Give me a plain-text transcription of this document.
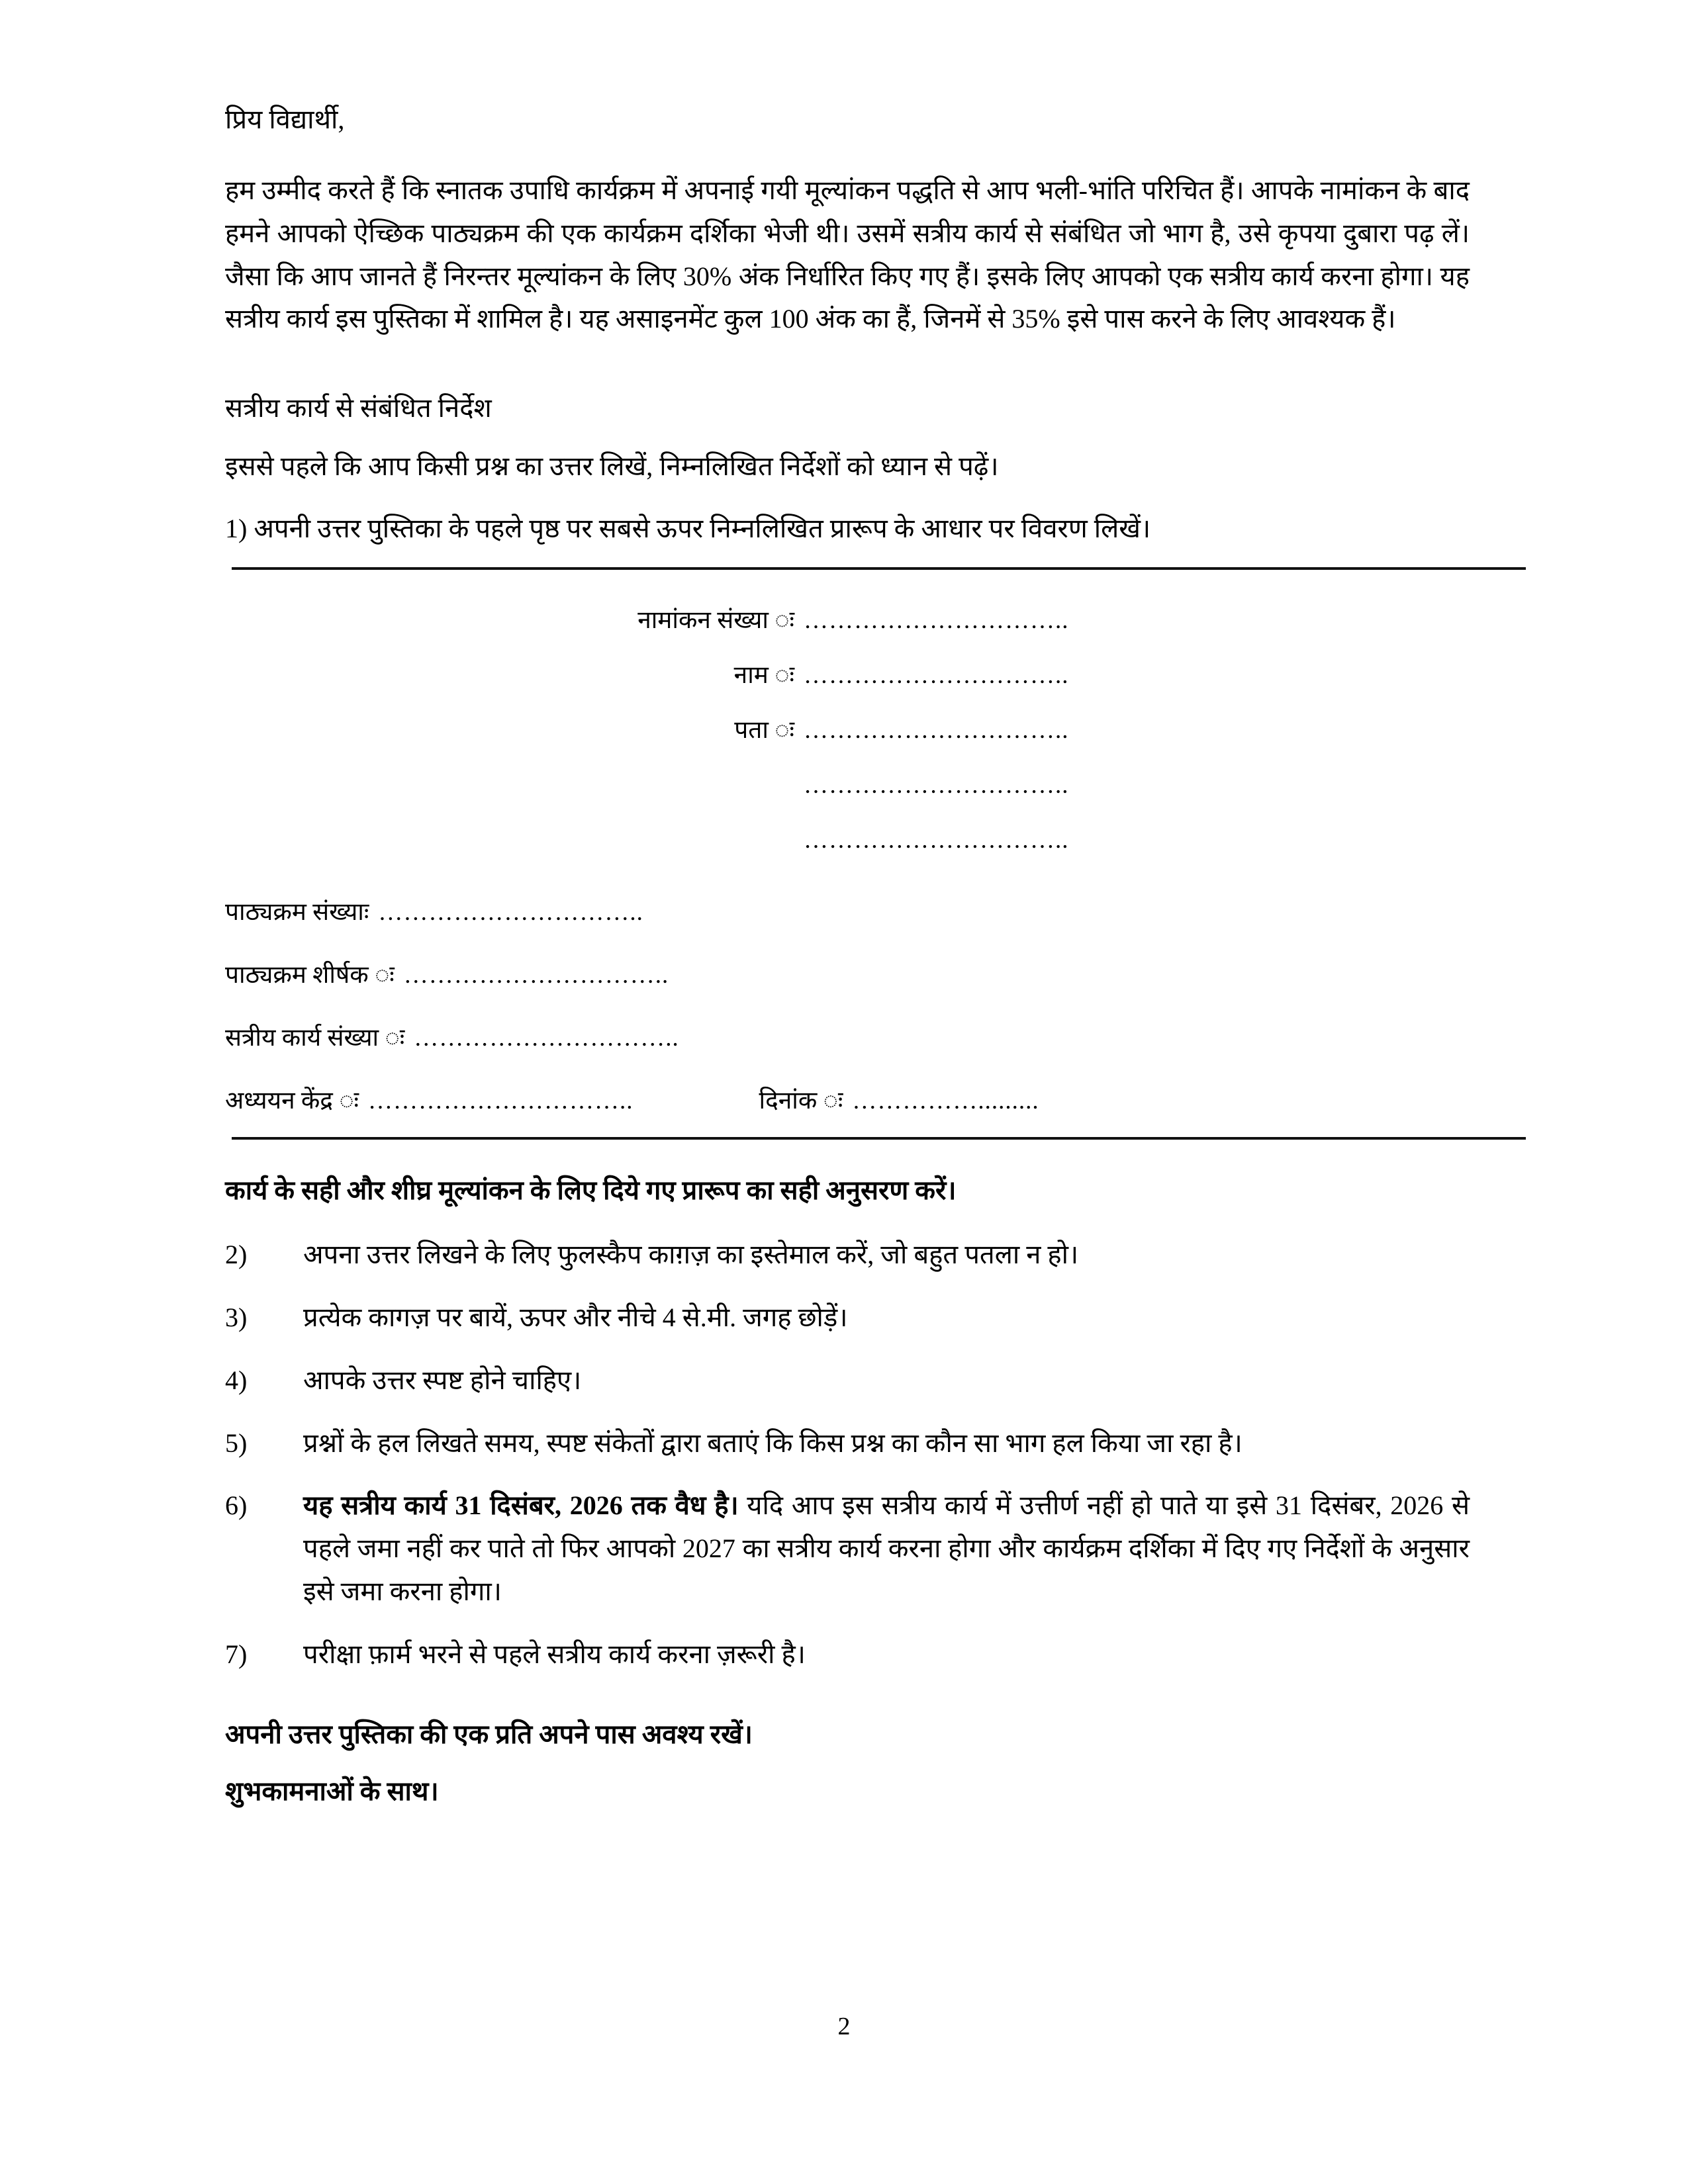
प्रिय विद्यार्थी,

हम उम्मीद करते हैं कि स्नातक उपाधि कार्यक्रम में अपनाई गयी मूल्यांकन पद्धति से आप भली-भांति परिचित हैं। आपके नामांकन के बाद हमने आपको ऐच्छिक पाठ्यक्रम की एक कार्यक्रम दर्शिका भेजी थी। उसमें सत्रीय कार्य से संबंधित जो भाग है, उसे कृपया दुबारा पढ़ लें। जैसा कि आप जानते हैं निरन्तर मूल्यांकन के लिए 30% अंक निर्धारित किए गए हैं। इसके लिए आपको एक सत्रीय कार्य करना होगा। यह सत्रीय कार्य इस पुस्तिका में शामिल है। यह असाइनमेंट कुल 100 अंक का हैं, जिनमें से 35% इसे पास करने के लिए आवश्यक हैं।

सत्रीय कार्य से संबंधित निर्देश

इससे पहले कि आप किसी प्रश्न का उत्तर लिखें, निम्नलिखित निर्देशों को ध्यान से पढ़ें।

1) अपनी उत्तर पुस्तिका के पहले पृष्ठ पर सबसे ऊपर निम्नलिखित प्रारूप के आधार पर विवरण लिखें।

नामांकन संख्या ः …………………………..
नाम ः …………………………..
पता ः …………………………..
…………………………..
…………………………..
पाठ्यक्रम संख्याः …………………………..
पाठ्यक्रम शीर्षक ः …………………………..
सत्रीय कार्य संख्या ः …………………………..
अध्ययन केंद्र ः …………………………..	दिनांक ः …………….........

कार्य के सही और शीघ्र मूल्यांकन के लिए दिये गए प्रारूप का सही अनुसरण करें।

2)	अपना उत्तर लिखने के लिए फुलस्कैप काग़ज़ का इस्तेमाल करें, जो बहुत पतला न हो।
3)	प्रत्येक कागज़ पर बायें, ऊपर और नीचे 4 से.मी. जगह छोड़ें।
4)	आपके उत्तर स्पष्ट होने चाहिए।
5)	प्रश्नों के हल लिखते समय, स्पष्ट संकेतों द्वारा बताएं कि किस प्रश्न का कौन सा भाग हल किया जा रहा है।
6)	यह सत्रीय कार्य 31 दिसंबर, 2026 तक वैध है। यदि आप इस सत्रीय कार्य में उत्तीर्ण नहीं हो पाते या इसे 31 दिसंबर, 2026 से पहले जमा नहीं कर पाते तो फिर आपको 2027 का सत्रीय कार्य करना होगा और कार्यक्रम दर्शिका में दिए गए निर्देशों के अनुसार इसे जमा करना होगा।
7)	परीक्षा फ़ार्म भरने से पहले सत्रीय कार्य करना ज़रूरी है।

अपनी उत्तर पुस्तिका की एक प्रति अपने पास अवश्य रखें।

शुभकामनाओं के साथ।

2
